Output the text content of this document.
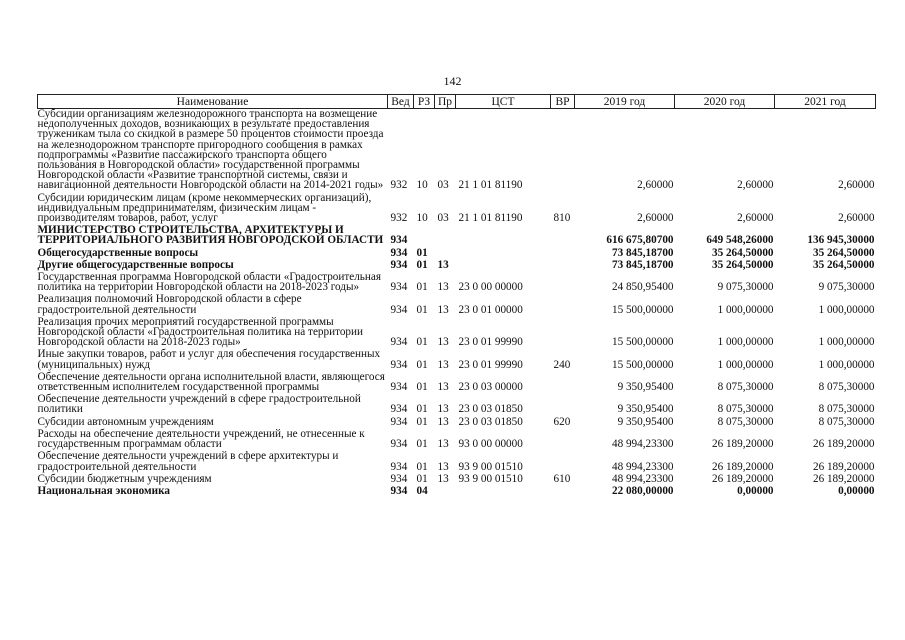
142
Наименование	Вед	РЗ	Пр	ЦСТ	ВР	2019 год	2020 год	2021 год
Субсидии организациям железнодорожного транспорта на возмещение недополученных доходов, возникающих в результате предоставления труженикам тыла со скидкой в размере 50 процентов стоимости проезда на железнодорожном транспорте пригородного сообщения в рамках подпрограммы «Развитие пассажирского транспорта общего пользования в Новгородской области» государственной программы Новгородской области «Развитие транспортной системы, связи и навигационной деятельности Новгородской области на 2014-2021 годы»	932	10	03	21 1 01 81190		2,60000	2,60000	2,60000
Субсидии юридическим лицам (кроме некоммерческих организаций), индивидуальным предпринимателям, физическим лицам - производителям товаров, работ, услуг	932	10	03	21 1 01 81190	810	2,60000	2,60000	2,60000
МИНИСТЕРСТВО СТРОИТЕЛЬСТВА, АРХИТЕКТУРЫ И ТЕРРИТОРИАЛЬНОГО РАЗВИТИЯ НОВГОРОДСКОЙ ОБЛАСТИ	934					616 675,80700	649 548,26000	136 945,30000
Общегосударственные вопросы	934	01				73 845,18700	35 264,50000	35 264,50000
Другие общегосударственные вопросы	934	01	13			73 845,18700	35 264,50000	35 264,50000
Государственная программа Новгородской области «Градостроительная политика на территории Новгородской области на 2018-2023 годы»	934	01	13	23 0 00 00000		24 850,95400	9 075,30000	9 075,30000
Реализация полномочий Новгородской области в сфере градостроительной деятельности	934	01	13	23 0 01 00000		15 500,00000	1 000,00000	1 000,00000
Реализация прочих мероприятий государственной программы Новгородской области «Градостроительная политика на территории Новгородской области на 2018-2023 годы»	934	01	13	23 0 01 99990		15 500,00000	1 000,00000	1 000,00000
Иные закупки товаров, работ и услуг для обеспечения государственных (муниципальных) нужд	934	01	13	23 0 01 99990	240	15 500,00000	1 000,00000	1 000,00000
Обеспечение деятельности органа исполнительной власти, являющегося ответственным исполнителем государственной программы	934	01	13	23 0 03 00000		9 350,95400	8 075,30000	8 075,30000
Обеспечение деятельности учреждений в сфере градостроительной политики	934	01	13	23 0 03 01850		9 350,95400	8 075,30000	8 075,30000
Субсидии автономным учреждениям	934	01	13	23 0 03 01850	620	9 350,95400	8 075,30000	8 075,30000
Расходы на обеспечение деятельности учреждений, не отнесенные к государственным программам области	934	01	13	93 0 00 00000		48 994,23300	26 189,20000	26 189,20000
Обеспечение деятельности учреждений в сфере архитектуры и градостроительной деятельности	934	01	13	93 9 00 01510		48 994,23300	26 189,20000	26 189,20000
Субсидии бюджетным учреждениям	934	01	13	93 9 00 01510	610	48 994,23300	26 189,20000	26 189,20000
Национальная экономика	934	04				22 080,00000	0,00000	0,00000
